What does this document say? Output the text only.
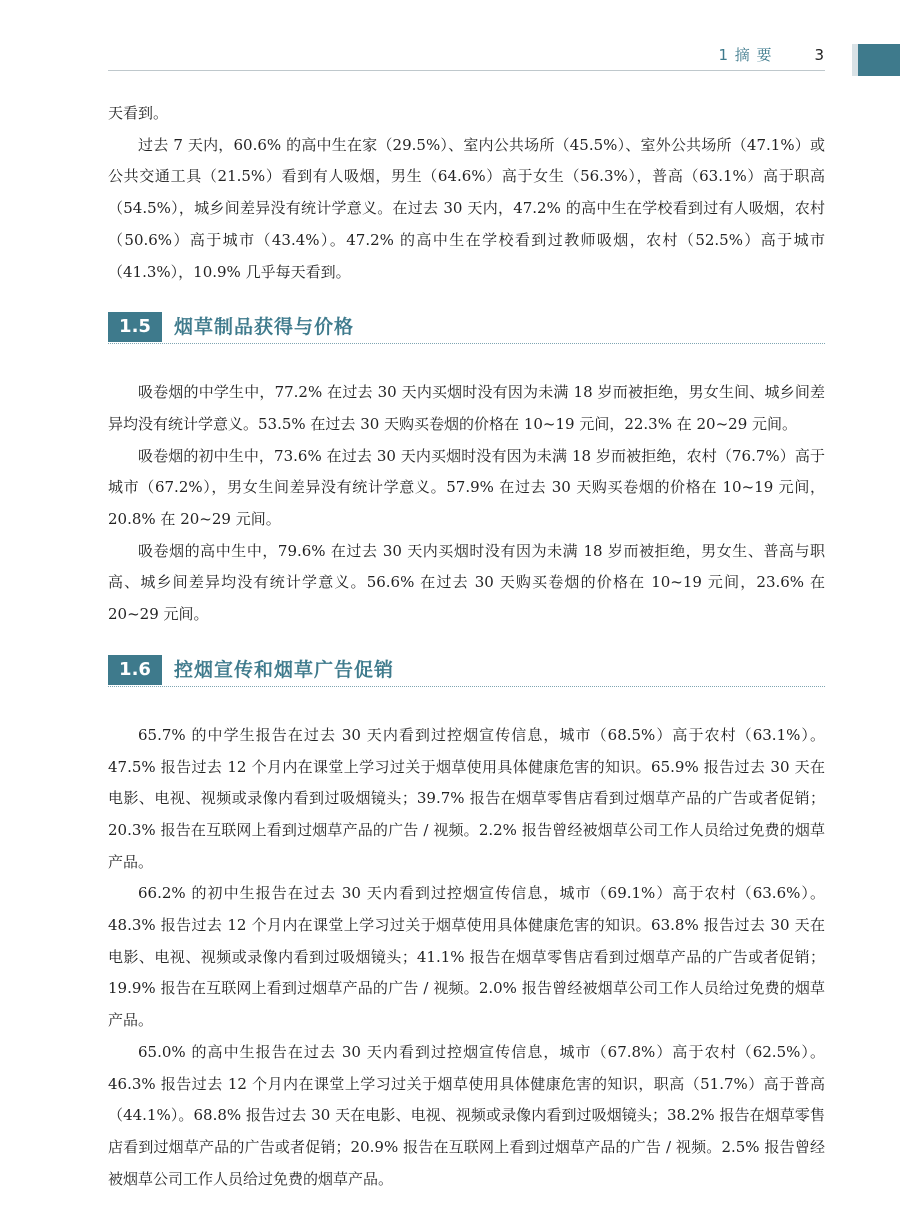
1 摘 要	3

天看到。

过去 7 天内，60.6% 的高中生在家（29.5%）、室内公共场所（45.5%）、室外公共场所（47.1%）或公共交通工具（21.5%）看到有人吸烟，男生（64.6%）高于女生（56.3%），普高（63.1%）高于职高（54.5%），城乡间差异没有统计学意义。在过去 30 天内，47.2% 的高中生在学校看到过有人吸烟，农村（50.6%）高于城市（43.4%）。47.2% 的高中生在学校看到过教师吸烟，农村（52.5%）高于城市（41.3%），10.9% 几乎每天看到。

1.5	烟草制品获得与价格

吸卷烟的中学生中，77.2% 在过去 30 天内买烟时没有因为未满 18 岁而被拒绝，男女生间、城乡间差异均没有统计学意义。53.5% 在过去 30 天购买卷烟的价格在 10~19 元间，22.3% 在 20~29 元间。

吸卷烟的初中生中，73.6% 在过去 30 天内买烟时没有因为未满 18 岁而被拒绝，农村（76.7%）高于城市（67.2%），男女生间差异没有统计学意义。57.9% 在过去 30 天购买卷烟的价格在 10~19 元间，20.8% 在 20~29 元间。

吸卷烟的高中生中，79.6% 在过去 30 天内买烟时没有因为未满 18 岁而被拒绝，男女生、普高与职高、城乡间差异均没有统计学意义。56.6% 在过去 30 天购买卷烟的价格在 10~19 元间，23.6% 在 20~29 元间。

1.6	控烟宣传和烟草广告促销

65.7% 的中学生报告在过去 30 天内看到过控烟宣传信息，城市（68.5%）高于农村（63.1%）。47.5% 报告过去 12 个月内在课堂上学习过关于烟草使用具体健康危害的知识。65.9% 报告过去 30 天在电影、电视、视频或录像内看到过吸烟镜头；39.7% 报告在烟草零售店看到过烟草产品的广告或者促销；20.3% 报告在互联网上看到过烟草产品的广告 / 视频。2.2% 报告曾经被烟草公司工作人员给过免费的烟草产品。

66.2% 的初中生报告在过去 30 天内看到过控烟宣传信息，城市（69.1%）高于农村（63.6%）。48.3% 报告过去 12 个月内在课堂上学习过关于烟草使用具体健康危害的知识。63.8% 报告过去 30 天在电影、电视、视频或录像内看到过吸烟镜头；41.1% 报告在烟草零售店看到过烟草产品的广告或者促销；19.9% 报告在互联网上看到过烟草产品的广告 / 视频。2.0% 报告曾经被烟草公司工作人员给过免费的烟草产品。

65.0% 的高中生报告在过去 30 天内看到过控烟宣传信息，城市（67.8%）高于农村（62.5%）。46.3% 报告过去 12 个月内在课堂上学习过关于烟草使用具体健康危害的知识，职高（51.7%）高于普高（44.1%）。68.8% 报告过去 30 天在电影、电视、视频或录像内看到过吸烟镜头；38.2% 报告在烟草零售店看到过烟草产品的广告或者促销；20.9% 报告在互联网上看到过烟草产品的广告 / 视频。2.5% 报告曾经被烟草公司工作人员给过免费的烟草产品。
